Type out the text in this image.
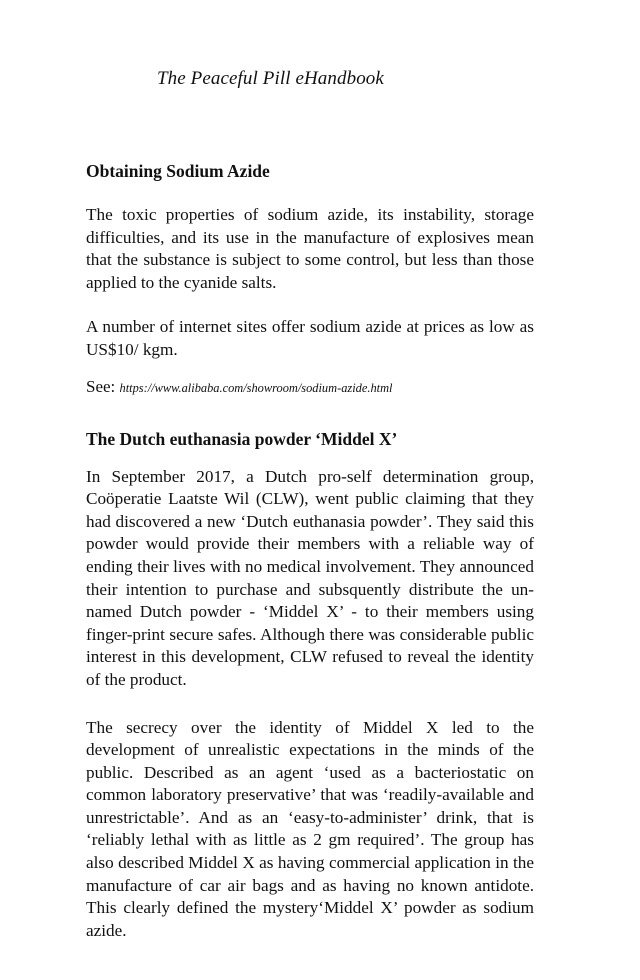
The Peaceful Pill eHandbook
Obtaining Sodium Azide

The toxic properties of sodium azide, its instability, storage difficulties, and its use in the manufacture of explosives mean that the substance is subject to some control, but less than those applied to the cyanide salts.

A number of internet sites offer sodium azide at prices as low as US$10/ kgm.

See: https://www.alibaba.com/showroom/sodium-azide.html
The Dutch euthanasia powder ‘Middel X’

In September 2017, a Dutch pro-self determination group, Coöperatie Laatste Wil (CLW), went public claiming that they had discovered a new ‘Dutch euthanasia powder’. They said this powder would provide their members with a reliable way of ending their lives with no medical involvement. They announced their intention to purchase and subsquently distribute the un-named Dutch powder - ‘Middel X’ - to their members using finger-print secure safes. Although there was considerable public interest in this development, CLW refused to reveal the identity of the product.

The secrecy over the identity of Middel X led to the development of unrealistic expectations in the minds of the public. Described as an agent ‘used as a bacteriostatic on common laboratory preservative’ that was ‘readily-available and unrestrictable’. And as an ‘easy-to-administer’ drink, that is ‘reliably lethal with as little as 2 gm required’. The group has also described Middel X as having commercial application in the manufacture of car air bags and as having no known antidote. This clearly defined the mystery‘Middel X’ powder as sodium azide.
